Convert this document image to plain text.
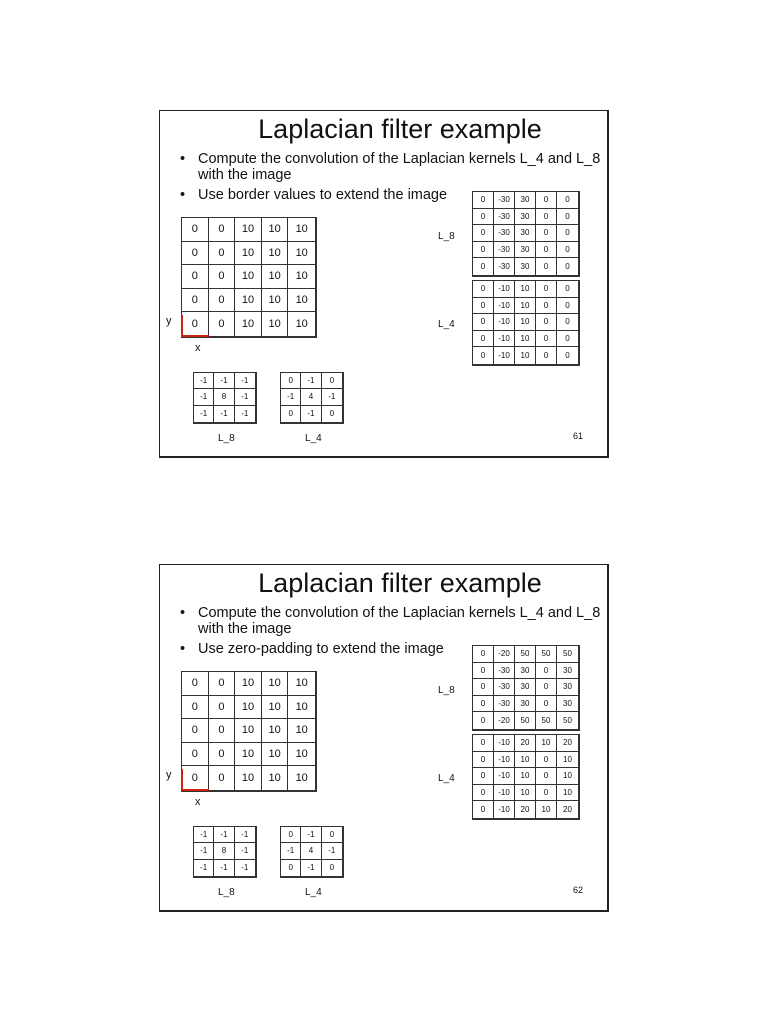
Laplacian filter example
• Compute the convolution of the Laplacian kernels L_4 and L_8 with the image
• Use border values to extend the image
0	0	10	10	10
0	0	10	10	10
0	0	10	10	10
0	0	10	10	10
0	0	10	10	10
y
x
-1	-1	-1
-1	8	-1
-1	-1	-1
L_8
0	-1	0
-1	4	-1
0	-1	0
L_4
0	-30	30	0	0
0	-30	30	0	0
0	-30	30	0	0
0	-30	30	0	0
0	-30	30	0	0
L_8
0	-10	10	0	0
0	-10	10	0	0
0	-10	10	0	0
0	-10	10	0	0
0	-10	10	0	0
L_4
61
Laplacian filter example
• Compute the convolution of the Laplacian kernels L_4 and L_8 with the image
• Use zero-padding to extend the image
0	0	10	10	10
0	0	10	10	10
0	0	10	10	10
0	0	10	10	10
0	0	10	10	10
y
x
-1	-1	-1
-1	8	-1
-1	-1	-1
L_8
0	-1	0
-1	4	-1
0	-1	0
L_4
0	-20	50	50	50
0	-30	30	0	30
0	-30	30	0	30
0	-30	30	0	30
0	-20	50	50	50
L_8
0	-10	20	10	20
0	-10	10	0	10
0	-10	10	0	10
0	-10	10	0	10
0	-10	20	10	20
L_4
62
